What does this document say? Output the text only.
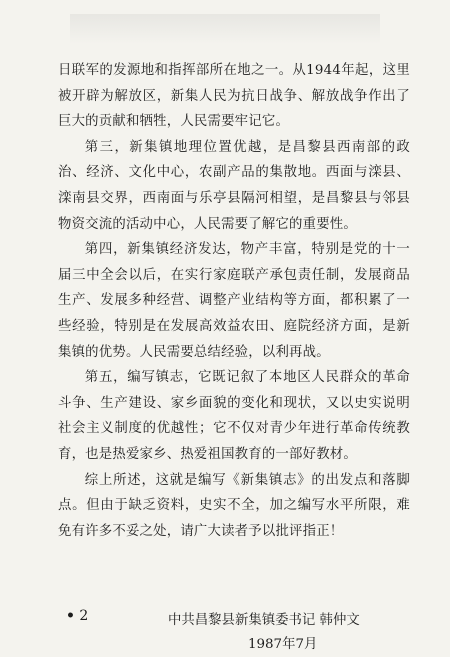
日联军的发源地和指挥部所在地之一。从1944年起，这里被开辟为解放区，新集人民为抗日战争、解放战争作出了巨大的贡献和牺牲，人民需要牢记它。

第三，新集镇地理位置优越，是昌黎县西南部的政治、经济、文化中心，农副产品的集散地。西面与滦县、滦南县交界，西南面与乐亭县隔河相望，是昌黎县与邻县物资交流的活动中心，人民需要了解它的重要性。

第四，新集镇经济发达，物产丰富，特别是党的十一届三中全会以后，在实行家庭联产承包责任制，发展商品生产、发展多种经营、调整产业结构等方面，都积累了一些经验，特别是在发展高效益农田、庭院经济方面，是新集镇的优势。人民需要总结经验，以利再战。

第五，编写镇志，它既记叙了本地区人民群众的革命斗争、生产建设、家乡面貌的变化和现状，又以史实说明社会主义制度的优越性；它不仅对青少年进行革命传统教育，也是热爱家乡、热爱祖国教育的一部好教材。

综上所述，这就是编写《新集镇志》的出发点和落脚点。但由于缺乏资料，史实不全，加之编写水平所限，难免有许多不妥之处，请广大读者予以批评指正！

中共昌黎县新集镇委书记 韩仲文
1987年7月
• 2
